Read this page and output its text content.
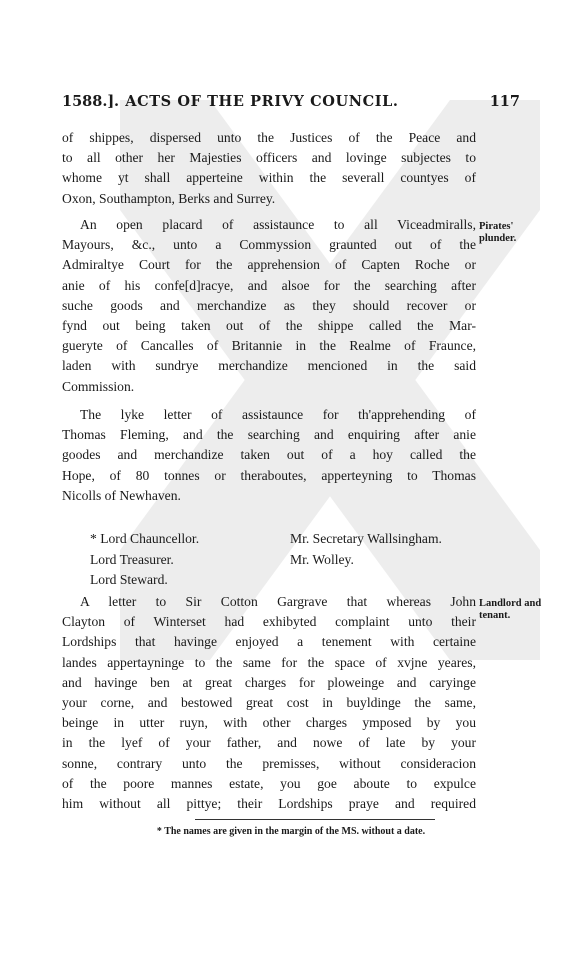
1588.] . ACTS OF THE PRIVY COUNCIL.	117
of shippes, dispersed unto the Justices of the Peace and
to all other her Majesties officers and lovinge subjectes to
whome yt shall apperteine within the severall countyes of
Oxon, Southampton, Berks and Surrey.
An open placard of assistaunce to all Viceadmiralls,
Mayours, &c., unto a Commyssion graunted out of the
Admiraltye Court for the apprehension of Capten Roche or
anie of his confe[d]racye, and alsoe for the searching after
suche goods and merchandize as they should recover or
fynd out being taken out of the shippe called the Mar-
gueryte of Cancalles of Britannie in the Realme of Fraunce,
laden with sundrye merchandize mencioned in the said
Commission.
Pirates'
plunder.
The lyke letter of assistaunce for th'apprehending of
Thomas Fleming, and the searching and enquiring after anie
goodes and merchandize taken out of a hoy called the
Hope, of 80 tonnes or theraboutes, apperteyning to Thomas
Nicolls of Newhaven.
* Lord Chauncellor.
Lord Treasurer.
Lord Steward.
Mr. Secretary Wallsingham.
Mr. Wolley.
A letter to Sir Cotton Gargrave that whereas John
Clayton of Winterset had exhibyted complaint unto their
Lordships that havinge enjoyed a tenement with certaine
landes appertayninge to the same for the space of xvjne yeares,
and havinge ben at great charges for ploweinge and caryinge
your corne, and bestowed great cost in buyldinge the same,
beinge in utter ruyn, with other charges ymposed by you
in the lyef of your father, and nowe of late by your
sonne, contrary unto the premisses, without consideracion
of the poore mannes estate, you goe aboute to expulce
him without all pittye; their Lordships praye and required
Landlord and
tenant.
* The names are given in the margin of the MS. without a date.
